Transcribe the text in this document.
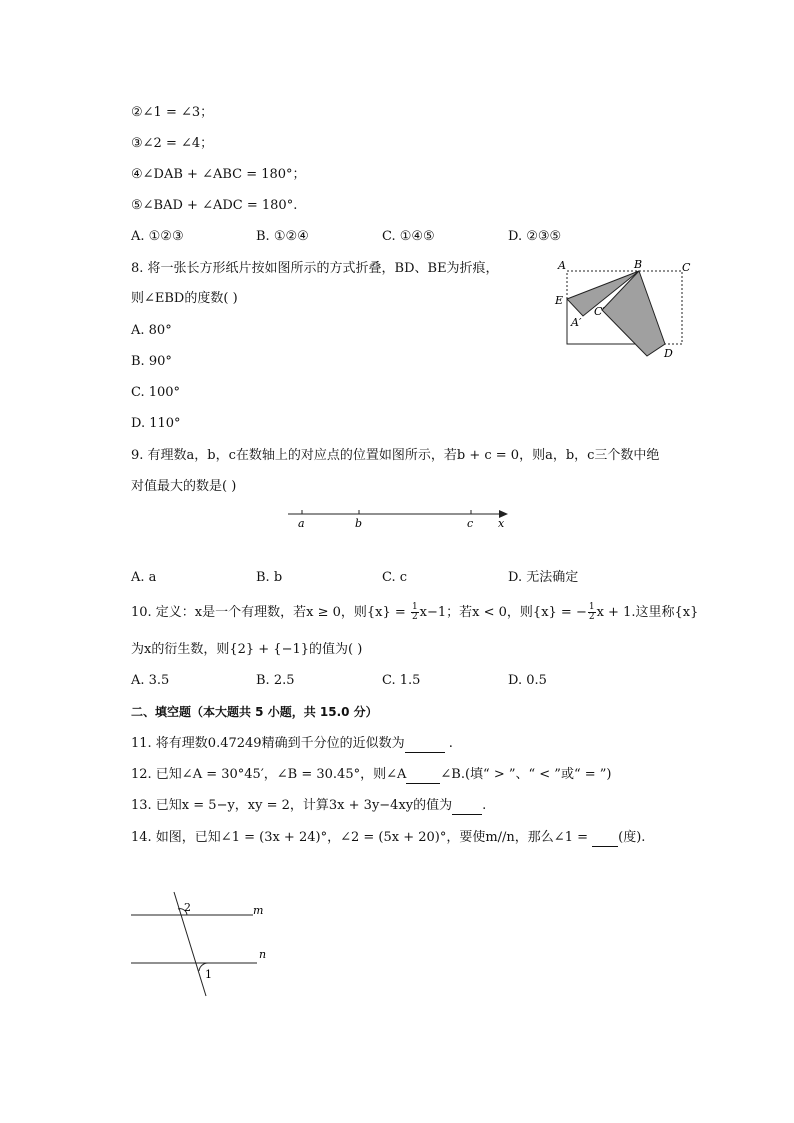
②∠1 = ∠3；
③∠2 = ∠4；
④∠DAB + ∠ABC = 180°；
⑤∠BAD + ∠ADC = 180°.
A. ①②③	B. ①②④	C. ①④⑤	D. ②③⑤
8. 将一张长方形纸片按如图所示的方式折叠，BD、BE为折痕，
则∠EBD的度数( )
A. 80°
B. 90°
C. 100°
D. 110°
A	B	C
E
A′
C′
D
9. 有理数a，b，c在数轴上的对应点的位置如图所示，若b + c = 0，则a，b，c三个数中绝
对值最大的数是( )
a	b	c x
A. a	B. b	C. c	D. 无法确定
10. 定义：x是一个有理数，若x ≥ 0，则$\{x\} = \frac{1}{2} x-1$；若x < 0，则{x} = − $\frac{1}{2}$ x + 1.这里称{x}
为x的衍生数，则{2} + {−1}的值为( )
A. 3.5	B. 2.5	C. 1.5	D. 0.5
二、填空题（本大题共 5 小题，共 15.0 分）
11. 将有理数0.47249精确到千分位的近似数为	.
12. 已知∠A = 30°45′，∠B = 30.45°，则∠A	∠B.(填“ > ”、“ < ”或“ = ”)
13. 已知x = 5−y，xy = 2，计算3x + 3y−4xy的值为 .
14. 如图，已知∠1 = (3x + 24)°，∠2 = (5x + 20)°，要使m//n，那么∠1 = (度).
m
n
2
1
